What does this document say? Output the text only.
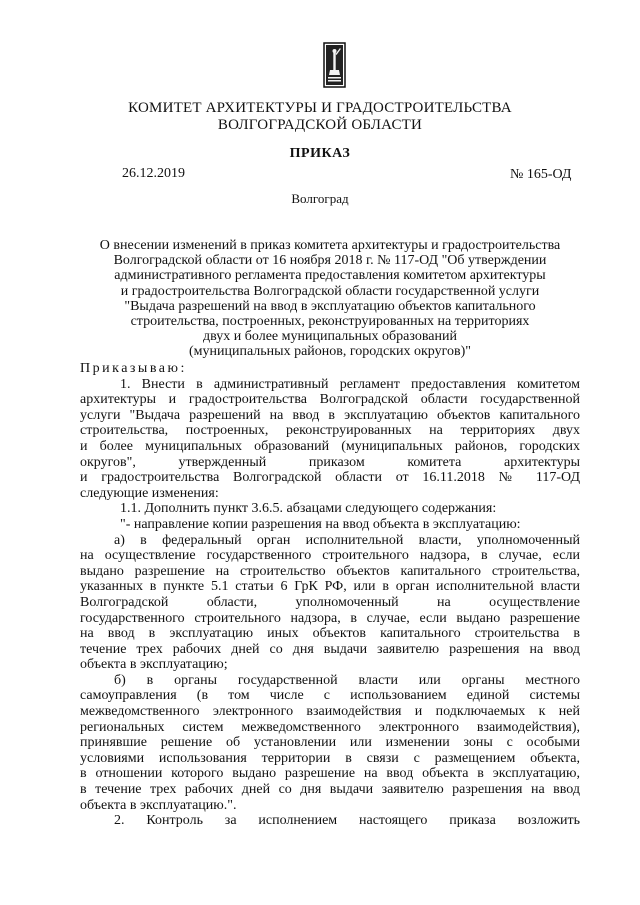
КОМИТЕТ АРХИТЕКТУРЫ И ГРАДОСТРОИТЕЛЬСТВА
ВОЛГОГРАДСКОЙ ОБЛАСТИ
ПРИКАЗ
26.12.2019	№ 165-ОД
Волгоград
О внесении изменений в приказ комитета архитектуры и градостроительства
Волгоградской области от 16 ноября 2018 г. № 117-ОД "Об утверждении
административного регламента предоставления комитетом архитектуры
и градостроительства Волгоградской области государственной услуги
"Выдача разрешений на ввод в эксплуатацию объектов капитального
строительства, построенных, реконструированных на территориях
двух и более муниципальных образований
(муниципальных районов, городских округов)"
Приказываю:
1. Внести в административный регламент предоставления комитетом
архитектуры и градостроительства Волгоградской области государственной
услуги "Выдача разрешений на ввод в эксплуатацию объектов капитального
строительства, построенных, реконструированных на территориях двух
и более муниципальных образований (муниципальных районов, городских
округов", утвержденный приказом комитета архитектуры
и градостроительства Волгоградской области от 16.11.2018 № 117-ОД
следующие изменения:
1.1. Дополнить пункт 3.6.5. абзацами следующего содержания:
"- направление копии разрешения на ввод объекта в эксплуатацию:
а) в федеральный орган исполнительной власти, уполномоченный
на осуществление государственного строительного надзора, в случае, если
выдано разрешение на строительство объектов капитального строительства,
указанных в пункте 5.1 статьи 6 ГрК РФ, или в орган исполнительной власти
Волгоградской области, уполномоченный на осуществление
государственного строительного надзора, в случае, если выдано разрешение
на ввод в эксплуатацию иных объектов капитального строительства в
течение трех рабочих дней со дня выдачи заявителю разрешения на ввод
объекта в эксплуатацию;
б) в органы государственной власти или органы местного
самоуправления (в том числе с использованием единой системы
межведомственного электронного взаимодействия и подключаемых к ней
региональных систем межведомственного электронного взаимодействия),
принявшие решение об установлении или изменении зоны с особыми
условиями использования территории в связи с размещением объекта,
в отношении которого выдано разрешение на ввод объекта в эксплуатацию,
в течение трех рабочих дней со дня выдачи заявителю разрешения на ввод
объекта в эксплуатацию.".
2. Контроль за исполнением настоящего приказа возложить
